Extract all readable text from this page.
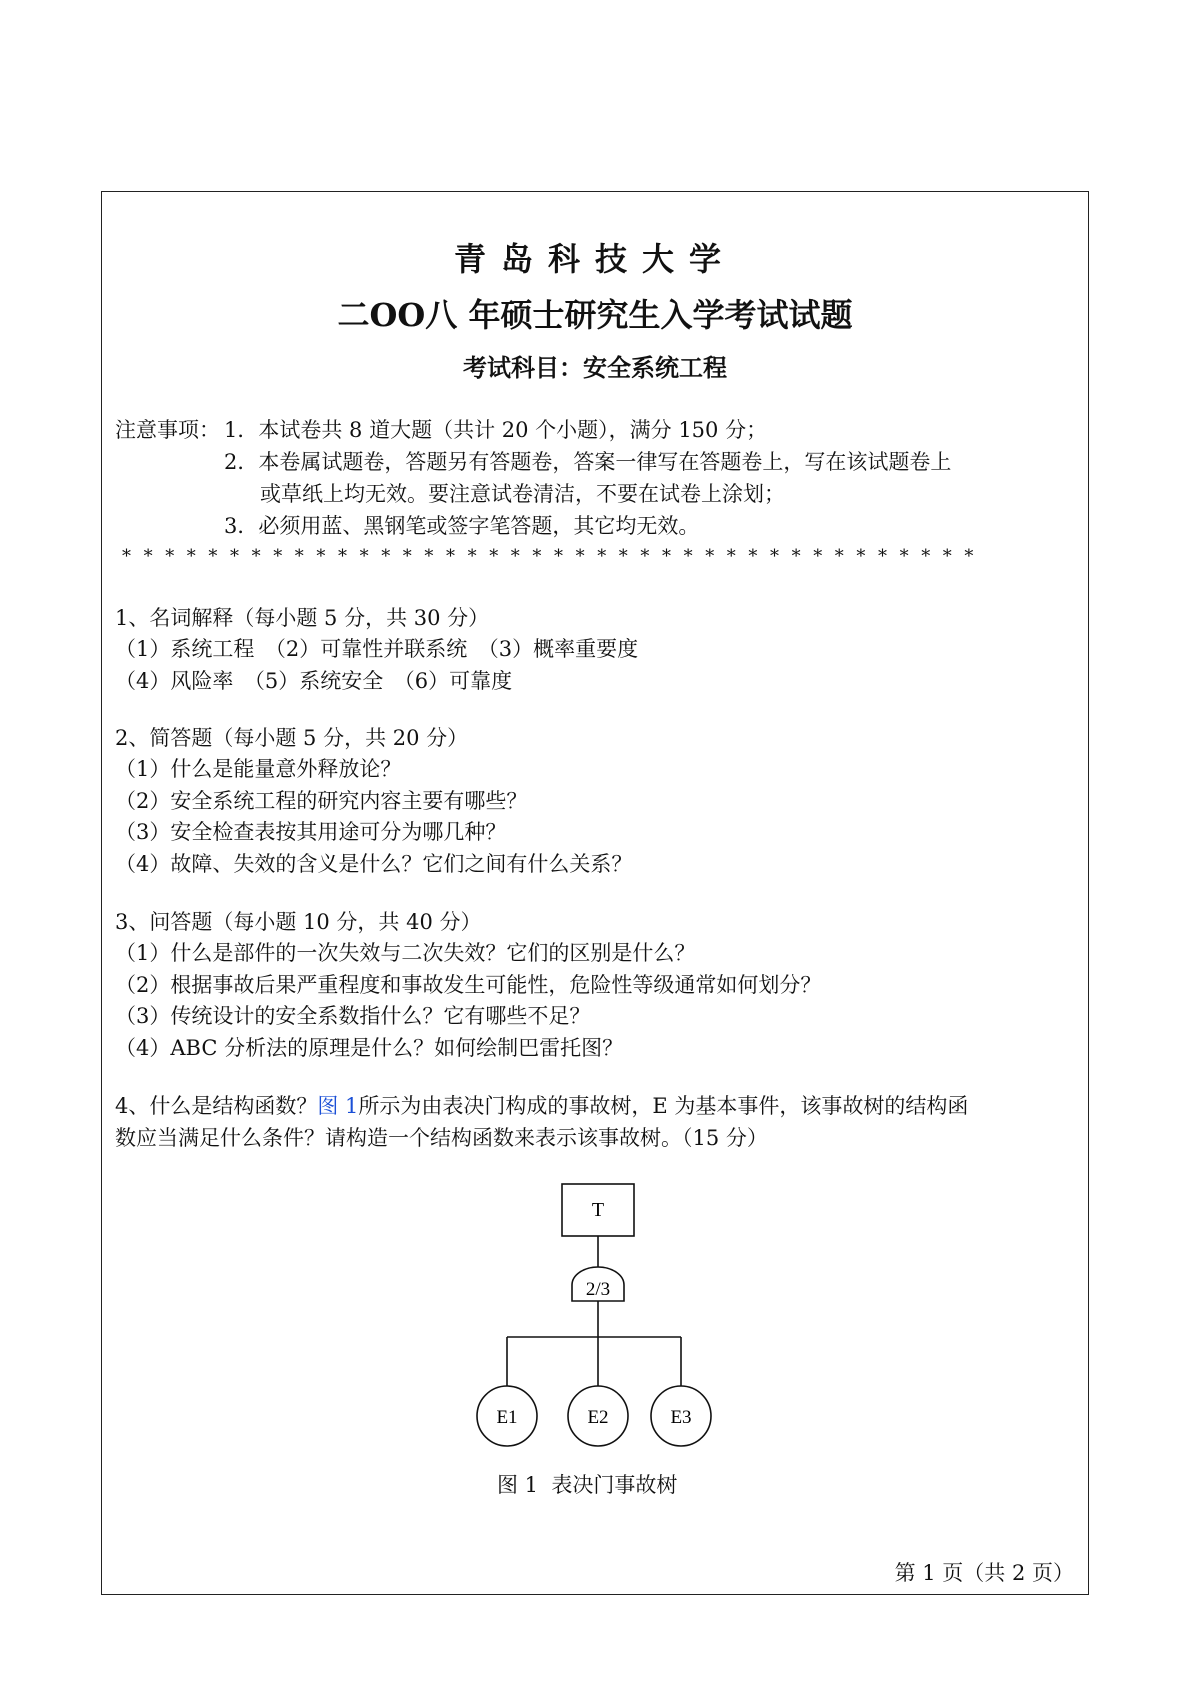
青岛科技大学
二OO八 年硕士研究生入学考试试题
考试科目：安全系统工程
注意事项： 1．本试卷共 8 道大题（共计 20 个小题），满分 150 分；
2．本卷属试题卷，答题另有答题卷，答案一律写在答题卷上，写在该试题卷上
或草纸上均无效。要注意试卷清洁，不要在试卷上涂划；
3．必须用蓝、黑钢笔或签字笔答题，其它均无效。
****************************************
1、名词解释（每小题 5 分，共 30 分）
（1）系统工程　（2）可靠性并联系统　（3）概率重要度
（4）风险率　（5）系统安全　（6）可靠度
2、简答题（每小题 5 分，共 20 分）
（1）什么是能量意外释放论？
（2）安全系统工程的研究内容主要有哪些？
（3）安全检查表按其用途可分为哪几种？
（4）故障、失效的含义是什么？它们之间有什么关系？
3、问答题（每小题 10 分，共 40 分）
（1）什么是部件的一次失效与二次失效？它们的区别是什么？
（2）根据事故后果严重程度和事故发生可能性，危险性等级通常如何划分？
（3）传统设计的安全系数指什么？它有哪些不足？
（4）ABC 分析法的原理是什么？如何绘制巴雷托图？
4、什么是结构函数？图 1所示为由表决门构成的事故树，E 为基本事件，该事故树的结构函
数应当满足什么条件？请构造一个结构函数来表示该事故树。（15 分）
T
2/3
E1	E2	E3
图 1  表决门事故树
第 1 页（共 2 页）
